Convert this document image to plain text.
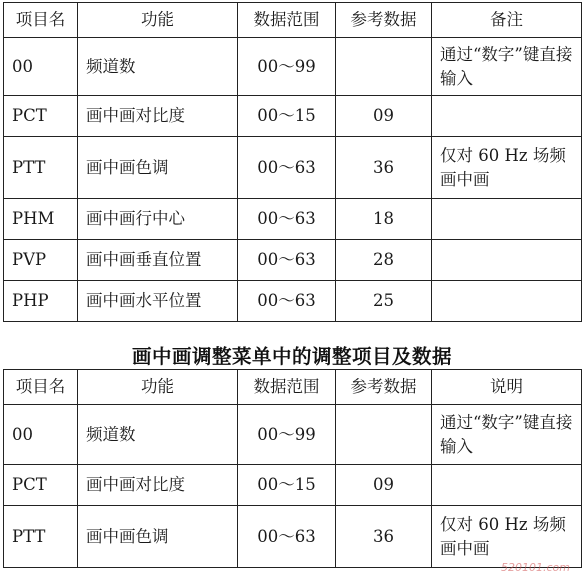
项目名	功能	数据范围	参考数据	备注
00	频道数	00～99		通过“数字”键直接输入
PCT	画中画对比度	00～15	09	
PTT	画中画色调	00～63	36	仅对 60 Hz 场频画中画
PHM	画中画行中心	00～63	18	
PVP	画中画垂直位置	00～63	28	
PHP	画中画水平位置	00～63	25	
画中画调整菜单中的调整项目及数据
项目名	功能	数据范围	参考数据	说明
00	频道数	00～99		通过“数字”键直接输入
PCT	画中画对比度	00～15	09	
PTT	画中画色调	00～63	36	仅对 60 Hz 场频画中画
520101.com
